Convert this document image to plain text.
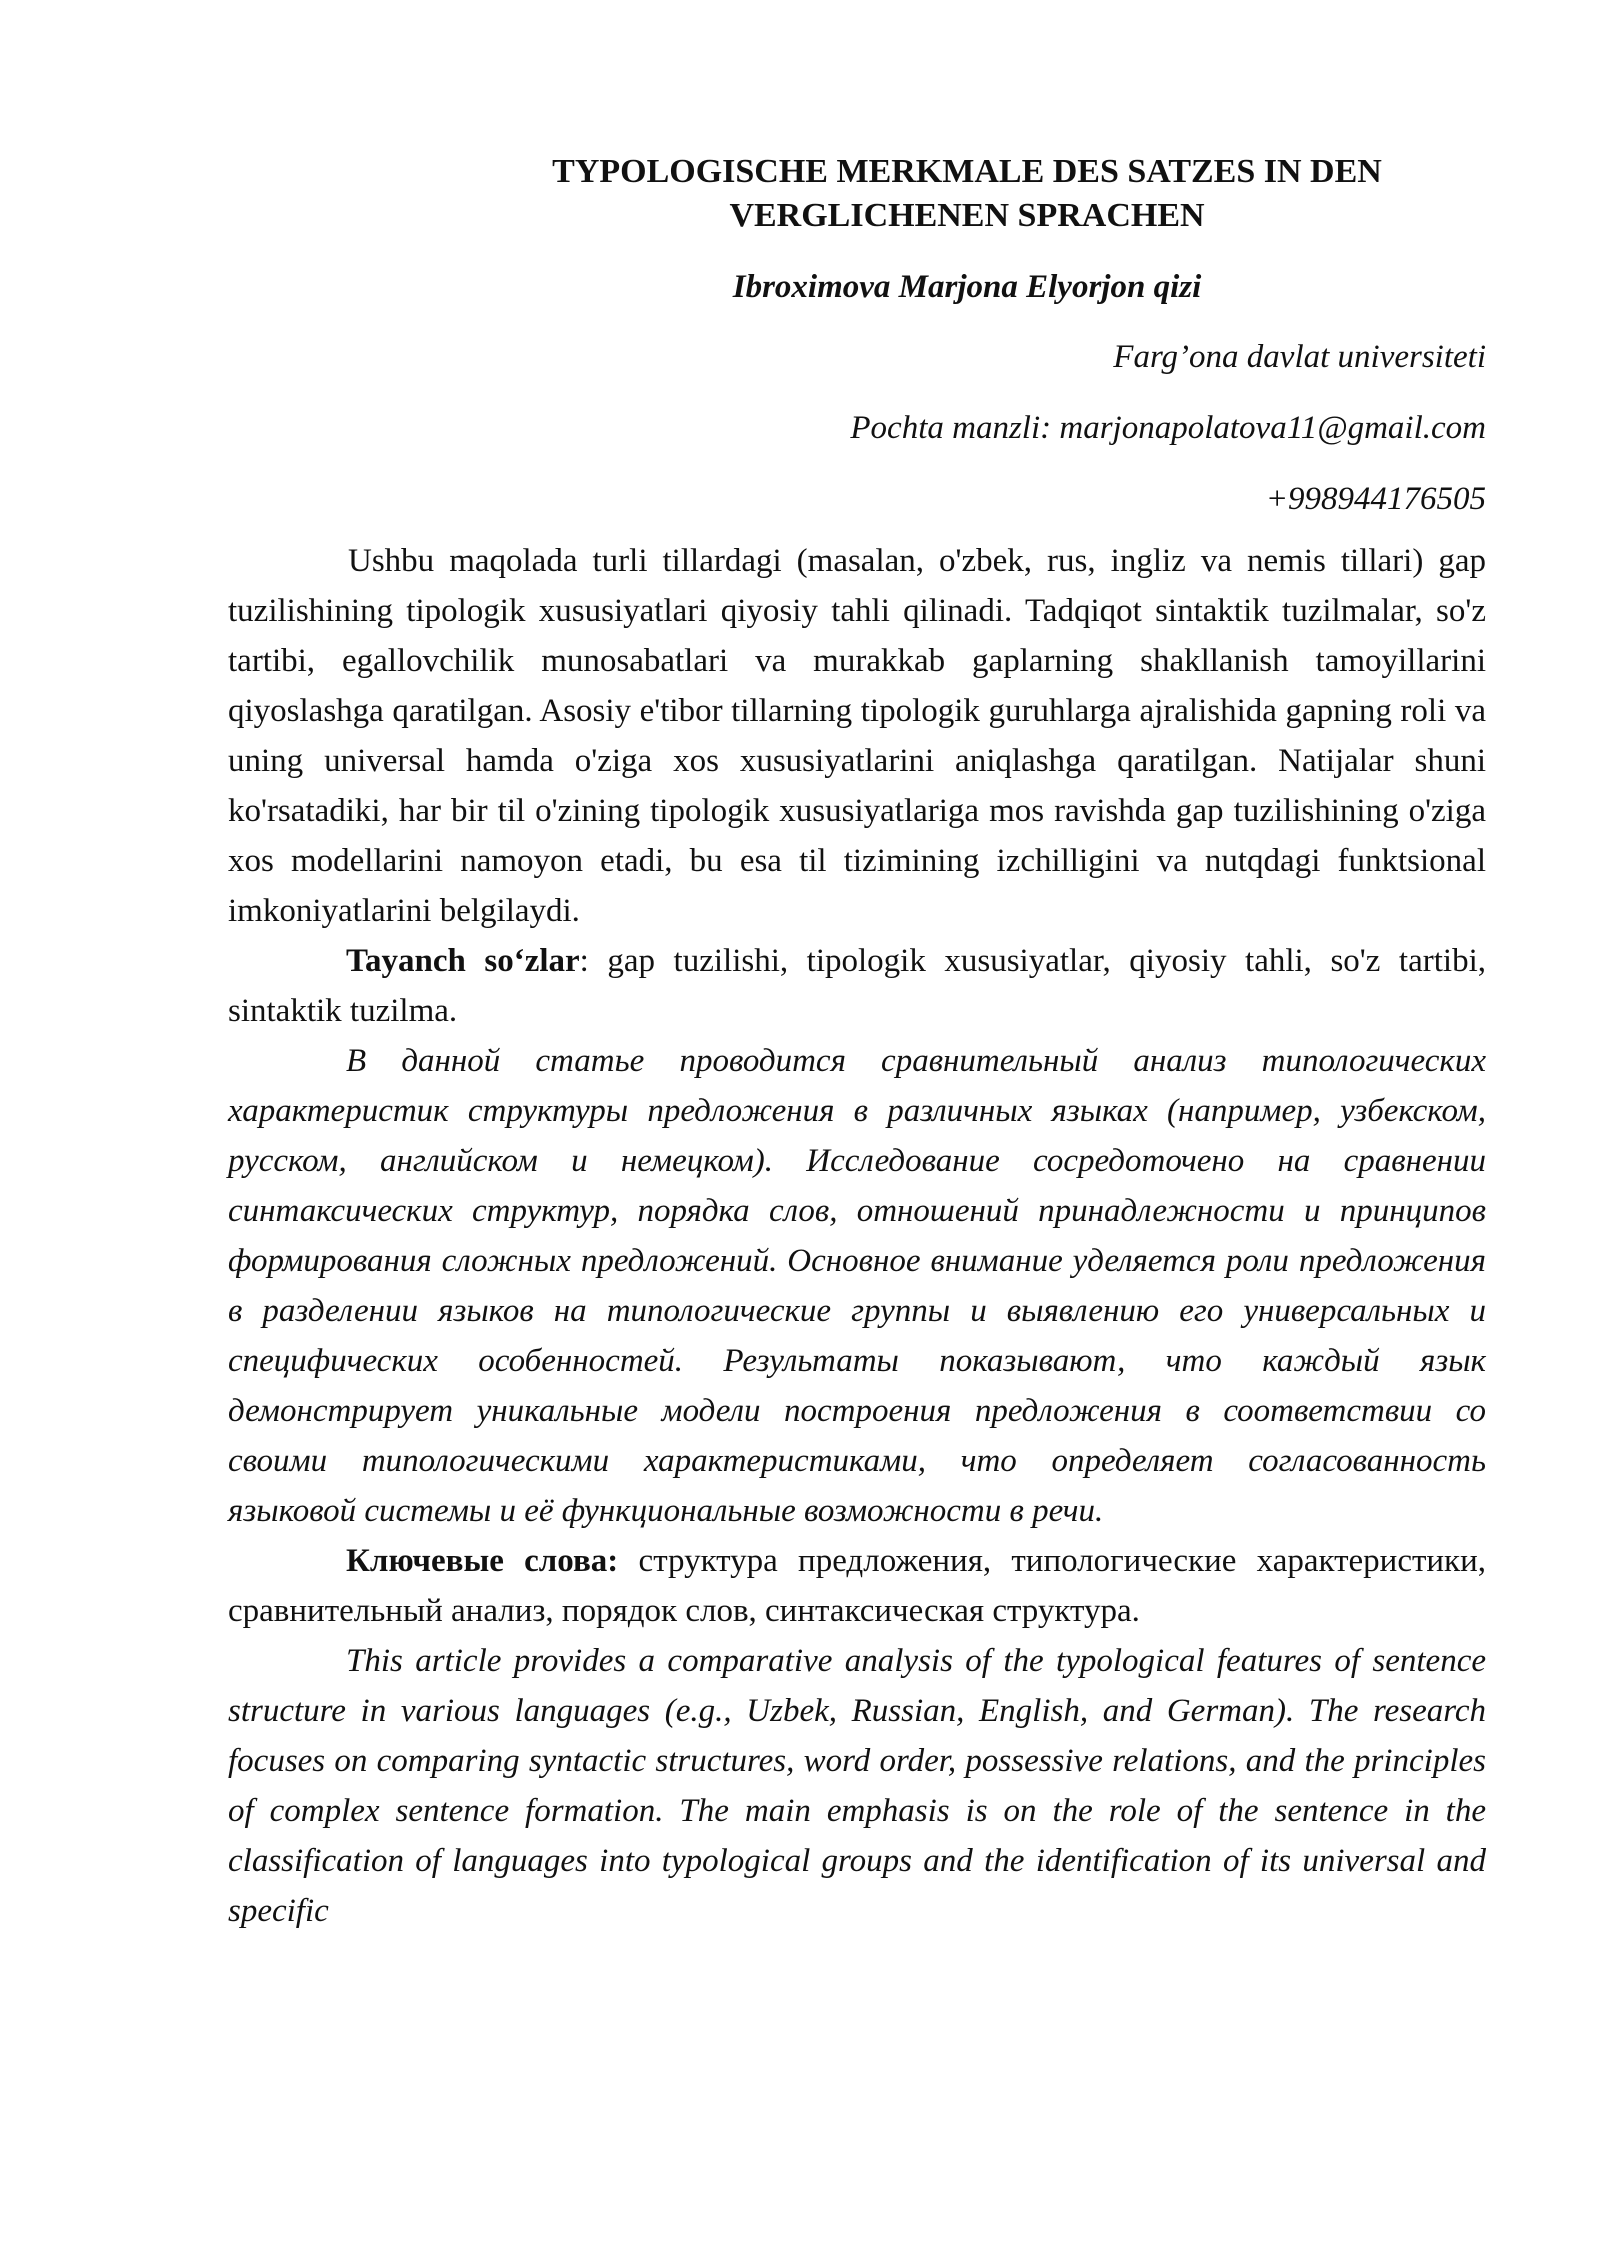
TYPOLOGISCHE MERKMALE DES SATZES IN DEN
VERGLICHENEN SPRACHEN
Ibroximova Marjona Elyorjon qizi
Farg’ona davlat universiteti
Pochta manzli: marjonapolatova11@gmail.com
+998944176505

Ushbu maqolada turli tillardagi (masalan, o'zbek, rus, ingliz va nemis tillari) gap tuzilishining tipologik xususiyatlari qiyosiy tahli qilinadi. Tadqiqot sintaktik tuzilmalar, so'z tartibi, egallovchilik munosabatlari va murakkab gaplarning shakllanish tamoyillarini qiyoslashga qaratilgan. Asosiy e'tibor tillarning tipologik guruhlarga ajralishida gapning roli va uning universal hamda o'ziga xos xususiyatlarini aniqlashga qaratilgan. Natijalar shuni ko'rsatadiki, har bir til o'zining tipologik xususiyatlariga mos ravishda gap tuzilishining o'ziga xos modellarini namoyon etadi, bu esa til tizimining izchilligini va nutqdagi funktsional imkoniyatlarini belgilaydi.

Tayanch so‘zlar: gap tuzilishi, tipologik xususiyatlar, qiyosiy tahli, so'z tartibi, sintaktik tuzilma.

В данной статье проводится сравнительный анализ типологических характеристик структуры предложения в различных языках (например, узбекском, русском, английском и немецком). Исследование сосредоточено на сравнении синтаксических структур, порядка слов, отношений принадлежности и принципов формирования сложных предложений. Основное внимание уделяется роли предложения в разделении языков на типологические группы и выявлению его универсальных и специфических особенностей. Результаты показывают, что каждый язык демонстрирует уникальные модели построения предложения в соответствии со своими типологическими характеристиками, что определяет согласованность языковой системы и её функциональные возможности в речи.

Ключевые слова: структура предложения, типологические характеристики, сравнительный анализ, порядок слов, синтаксическая структура.

This article provides a comparative analysis of the typological features of sentence structure in various languages (e.g., Uzbek, Russian, English, and German). The research focuses on comparing syntactic structures, word order, possessive relations, and the principles of complex sentence formation. The main emphasis is on the role of the sentence in the classification of languages into typological groups and the identification of its universal and specific
